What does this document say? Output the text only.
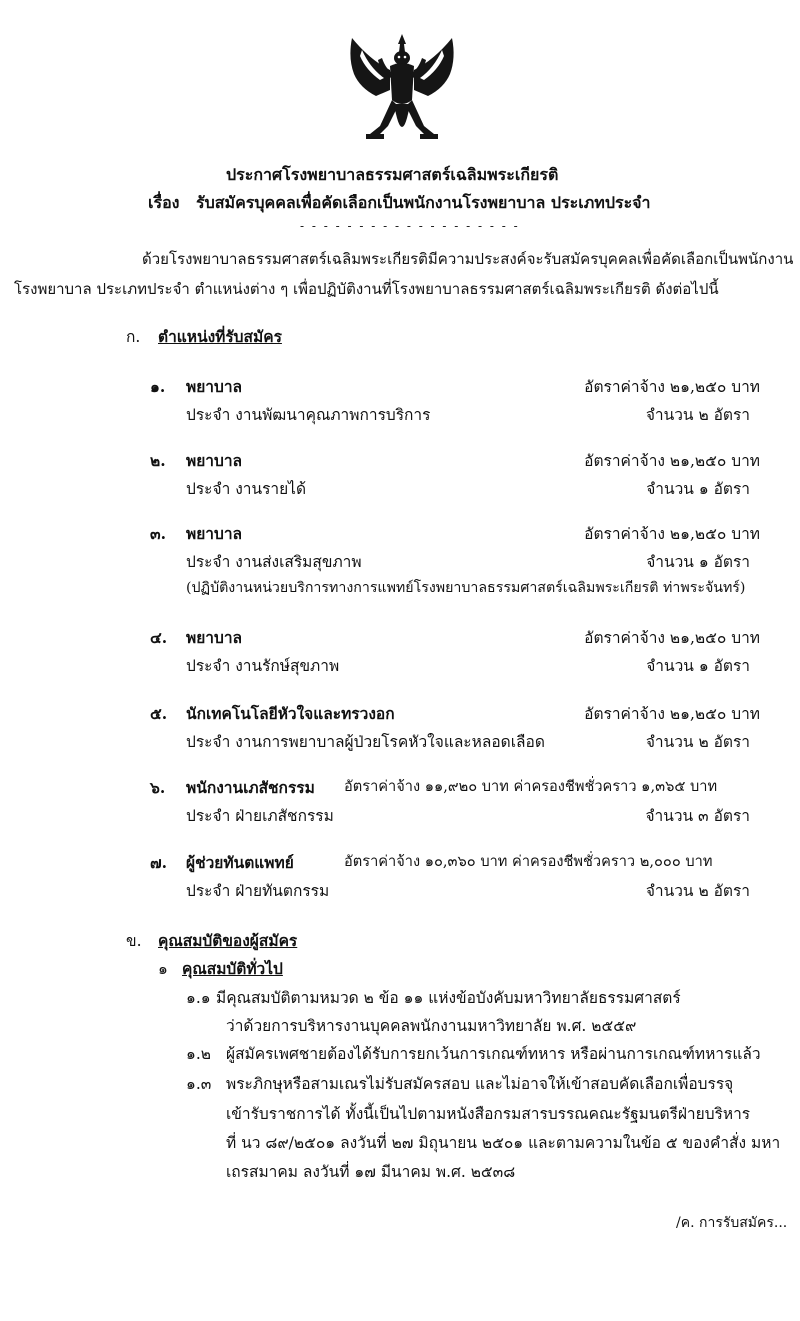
ประกาศโรงพยาบาลธรรมศาสตร์เฉลิมพระเกียรติ
เรื่อง รับสมัครบุคคลเพื่อคัดเลือกเป็นพนักงานโรงพยาบาล ประเภทประจำ
- - - - - - - - - - - - - - - - - - -
ด้วยโรงพยาบาลธรรมศาสตร์เฉลิมพระเกียรติมีความประสงค์จะรับสมัครบุคคลเพื่อคัดเลือกเป็นพนักงาน
โรงพยาบาล ประเภทประจำ ตำแหน่งต่าง ๆ เพื่อปฏิบัติงานที่โรงพยาบาลธรรมศาสตร์เฉลิมพระเกียรติ ดังต่อไปนี้
ก. ตำแหน่งที่รับสมัคร
๑. พยาบาล	อัตราค่าจ้าง ๒๑,๒๕๐ บาท
ประจำ งานพัฒนาคุณภาพการบริการ	จำนวน ๒ อัตรา
๒. พยาบาล	อัตราค่าจ้าง ๒๑,๒๕๐ บาท
ประจำ งานรายได้	จำนวน ๑ อัตรา
๓. พยาบาล	อัตราค่าจ้าง ๒๑,๒๕๐ บาท
ประจำ งานส่งเสริมสุขภาพ	จำนวน ๑ อัตรา
(ปฏิบัติงานหน่วยบริการทางการแพทย์โรงพยาบาลธรรมศาสตร์เฉลิมพระเกียรติ ท่าพระจันทร์)
๔. พยาบาล	อัตราค่าจ้าง ๒๑,๒๕๐ บาท
ประจำ งานรักษ์สุขภาพ	จำนวน ๑ อัตรา
๕. นักเทคโนโลยีหัวใจและทรวงอก	อัตราค่าจ้าง ๒๑,๒๕๐ บาท
ประจำ งานการพยาบาลผู้ป่วยโรคหัวใจและหลอดเลือด	จำนวน ๒ อัตรา
๖. พนักงานเภสัชกรรม อัตราค่าจ้าง ๑๑,๙๒๐ บาท ค่าครองชีพชั่วคราว ๑,๓๖๕ บาท
ประจำ ฝ่ายเภสัชกรรม	จำนวน ๓ อัตรา
๗. ผู้ช่วยทันตแพทย์	อัตราค่าจ้าง ๑๐,๓๖๐ บาท ค่าครองชีพชั่วคราว ๒,๐๐๐ บาท
ประจำ ฝ่ายทันตกรรม	จำนวน ๒ อัตรา
ข. คุณสมบัติของผู้สมัคร
๑ คุณสมบัติทั่วไป
๑.๑ มีคุณสมบัติตามหมวด ๒ ข้อ ๑๑ แห่งข้อบังคับมหาวิทยาลัยธรรมศาสตร์
ว่าด้วยการบริหารงานบุคคลพนักงานมหาวิทยาลัย พ.ศ. ๒๕๕๙
๑.๒ ผู้สมัครเพศชายต้องได้รับการยกเว้นการเกณฑ์ทหาร หรือผ่านการเกณฑ์ทหารแล้ว
๑.๓ พระภิกษุหรือสามเณรไม่รับสมัครสอบ และไม่อาจให้เข้าสอบคัดเลือกเพื่อบรรจุ
เข้ารับราชการได้ ทั้งนี้เป็นไปตามหนังสือกรมสารบรรณคณะรัฐมนตรีฝ่ายบริหาร
ที่ นว ๘๙/๒๕๐๑ ลงวันที่ ๒๗ มิถุนายน ๒๕๐๑ และตามความในข้อ ๕ ของคำสั่ง มหา
เถรสมาคม ลงวันที่ ๑๗ มีนาคม พ.ศ. ๒๕๓๘
/ค. การรับสมัคร...
